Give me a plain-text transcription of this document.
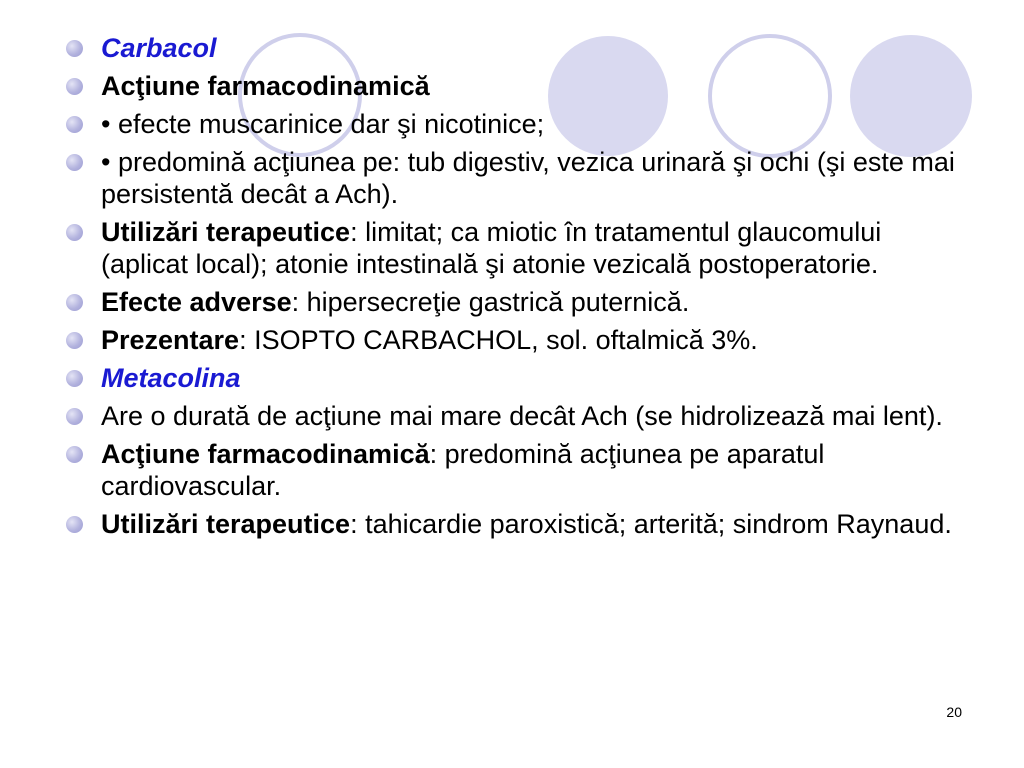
Carbacol
Acţiune farmacodinamică
• efecte muscarinice dar şi nicotinice;
• predomină acţiunea pe: tub digestiv, vezica urinară şi ochi (şi este mai persistentă decât a Ach).
Utilizări terapeutice: limitat; ca miotic în tratamentul glaucomului (aplicat local); atonie intestinală şi atonie vezicală postoperatorie.
Efecte adverse: hipersecreţie gastrică puternică.
Prezentare: ISOPTO CARBACHOL, sol. oftalmică 3%.
Metacolina
Are o durată de acţiune mai mare decât Ach (se hidrolizează mai lent).
Acţiune farmacodinamică: predomină acţiunea pe aparatul cardiovascular.
Utilizări terapeutice: tahicardie paroxistică; arterită; sindrom Raynaud.
20
